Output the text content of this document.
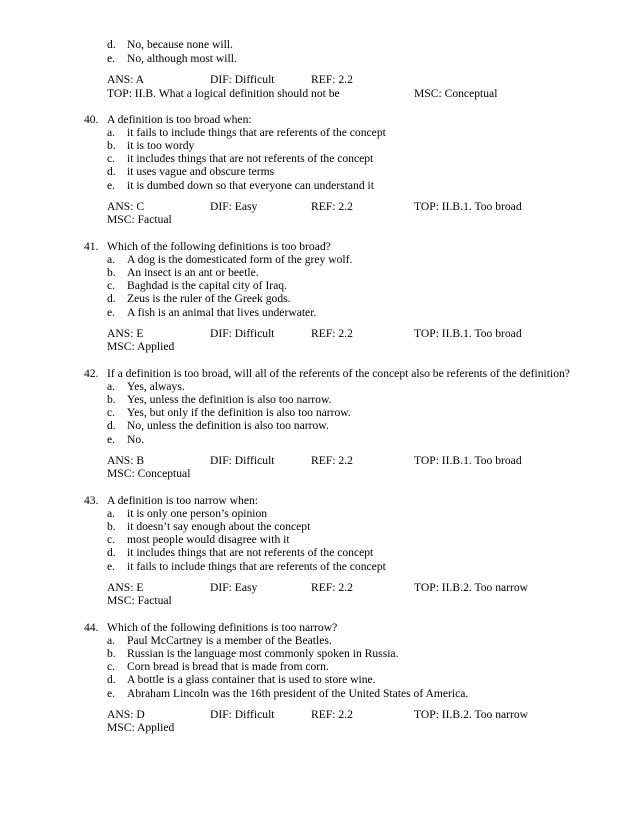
d. No, because none will.
e. No, although most will.
ANS: A	DIF: Difficult	REF: 2.2
TOP: II.B. What a logical definition should not be	MSC: Conceptual
40. A definition is too broad when:
a. it fails to include things that are referents of the concept
b. it is too wordy
c. it includes things that are not referents of the concept
d. it uses vague and obscure terms
e. it is dumbed down so that everyone can understand it
ANS: C	DIF: Easy	REF: 2.2	TOP: II.B.1. Too broad
MSC: Factual
41. Which of the following definitions is too broad?
a. A dog is the domesticated form of the grey wolf.
b. An insect is an ant or beetle.
c. Baghdad is the capital city of Iraq.
d. Zeus is the ruler of the Greek gods.
e. A fish is an animal that lives underwater.
ANS: E	DIF: Difficult	REF: 2.2	TOP: II.B.1. Too broad
MSC: Applied
42. If a definition is too broad, will all of the referents of the concept also be referents of the definition?
a. Yes, always.
b. Yes, unless the definition is also too narrow.
c. Yes, but only if the definition is also too narrow.
d. No, unless the definition is also too narrow.
e. No.
ANS: B	DIF: Difficult	REF: 2.2	TOP: II.B.1. Too broad
MSC: Conceptual
43. A definition is too narrow when:
a. it is only one person’s opinion
b. it doesn’t say enough about the concept
c. most people would disagree with it
d. it includes things that are not referents of the concept
e. it fails to include things that are referents of the concept
ANS: E	DIF: Easy	REF: 2.2	TOP: II.B.2. Too narrow
MSC: Factual
44. Which of the following definitions is too narrow?
a. Paul McCartney is a member of the Beatles.
b. Russian is the language most commonly spoken in Russia.
c. Corn bread is bread that is made from corn.
d. A bottle is a glass container that is used to store wine.
e. Abraham Lincoln was the 16th president of the United States of America.
ANS: D	DIF: Difficult	REF: 2.2	TOP: II.B.2. Too narrow
MSC: Applied
